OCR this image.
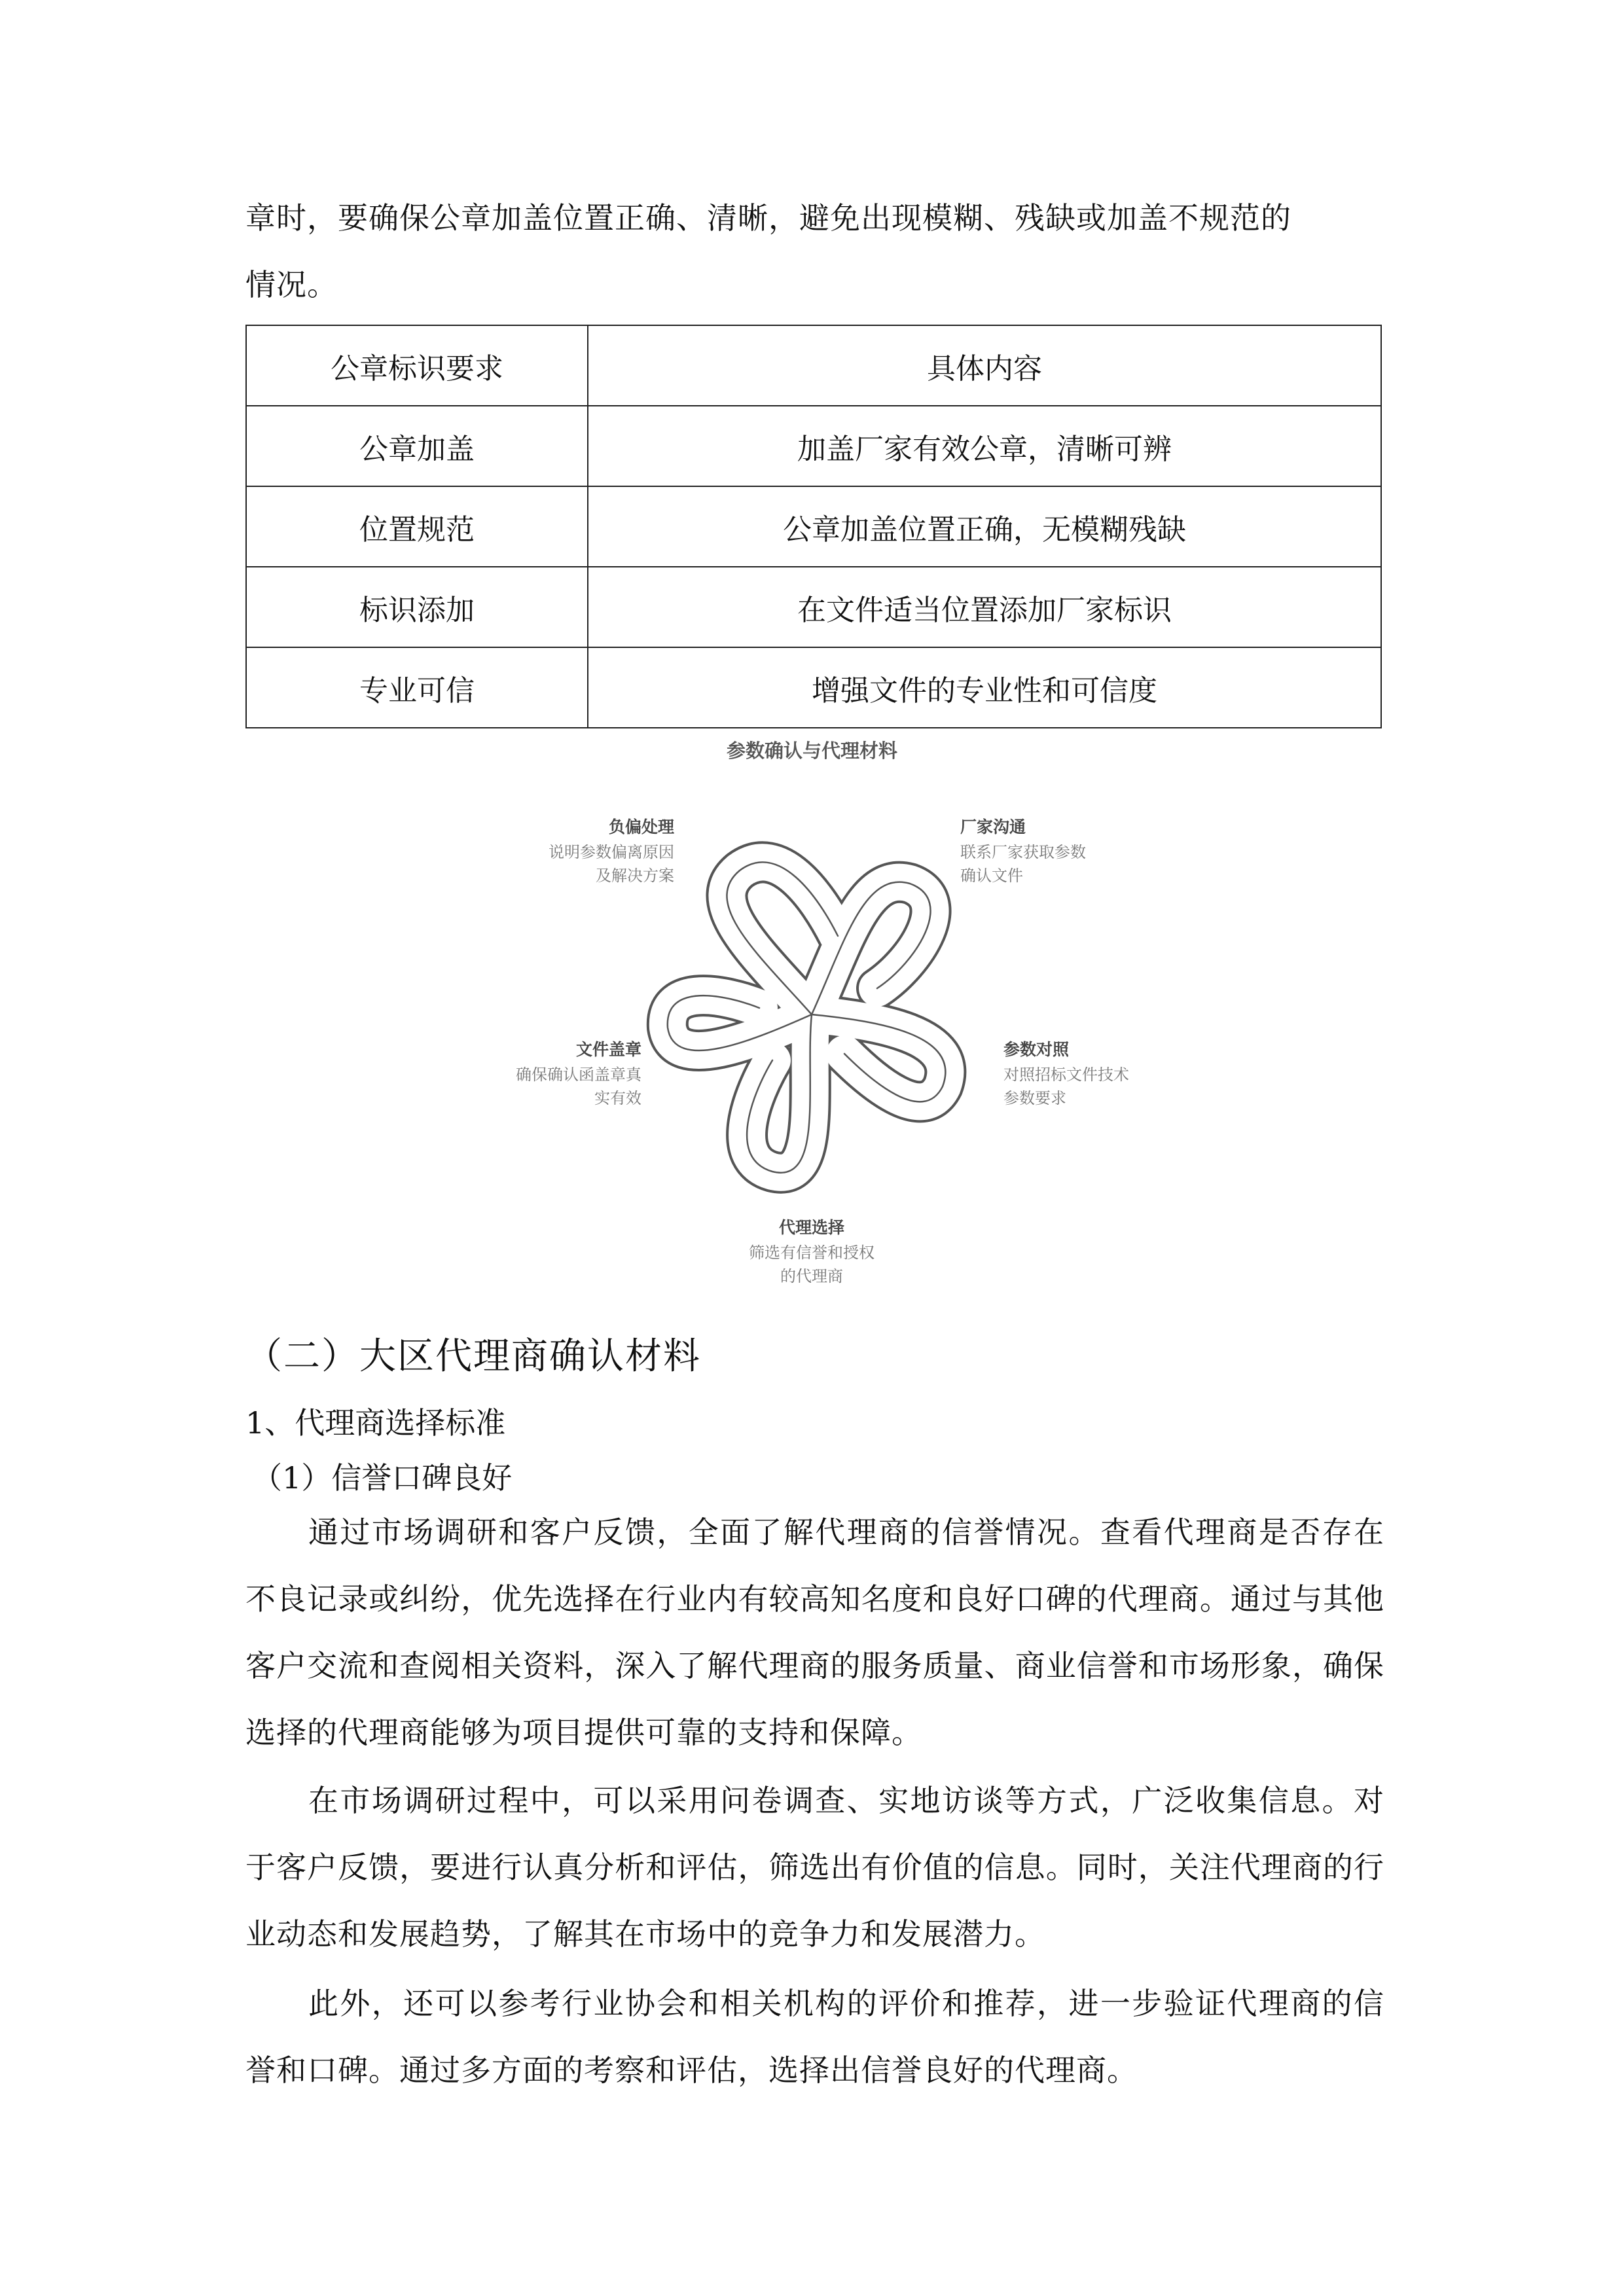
章时，要确保公章加盖位置正确、清晰，避免出现模糊、残缺或加盖不规范的

情况。

公章标识要求	具体内容
公章加盖	加盖厂家有效公章，清晰可辨
位置规范	公章加盖位置正确，无模糊残缺
标识添加	在文件适当位置添加厂家标识
专业可信	增强文件的专业性和可信度
参数确认与代理材料
负偏处理
说明参数偏离原因
及解决方案
厂家沟通
联系厂家获取参数
确认文件
文件盖章
确保确认函盖章真
实有效
参数对照
对照招标文件技术
参数要求
代理选择
筛选有信誉和授权
的代理商
（二）大区代理商确认材料
1、代理商选择标准
（1）信誉口碑良好

通过市场调研和客户反馈，全面了解代理商的信誉情况。查看代理商是否存在不良记录或纠纷，优先选择在行业内有较高知名度和良好口碑的代理商。通过与其他客户交流和查阅相关资料，深入了解代理商的服务质量、商业信誉和市场形象，确保选择的代理商能够为项目提供可靠的支持和保障。

在市场调研过程中，可以采用问卷调查、实地访谈等方式，广泛收集信息。对于客户反馈，要进行认真分析和评估，筛选出有价值的信息。同时，关注代理商的行业动态和发展趋势，了解其在市场中的竞争力和发展潜力。

此外，还可以参考行业协会和相关机构的评价和推荐，进一步验证代理商的信誉和口碑。通过多方面的考察和评估，选择出信誉良好的代理商。
